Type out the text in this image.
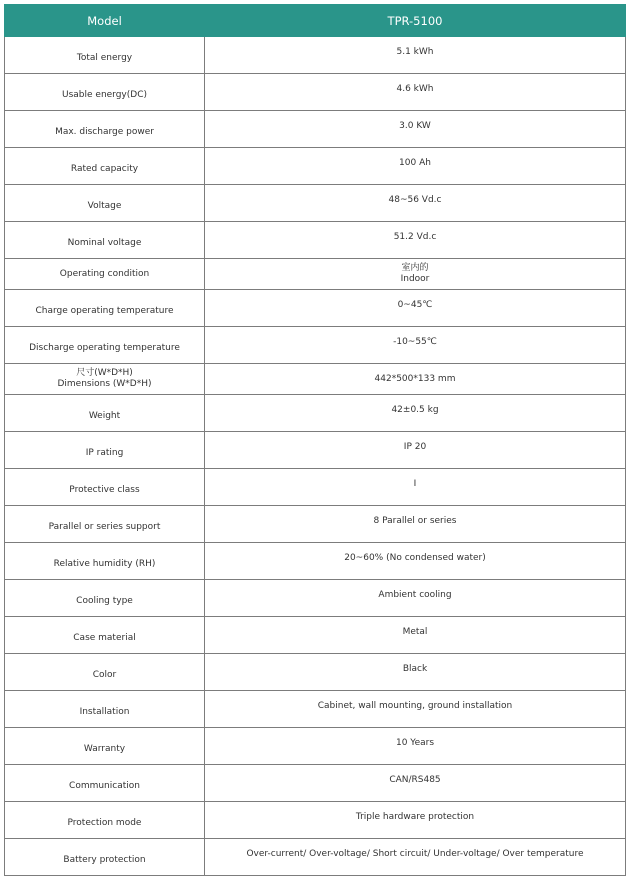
Model	TPR-5100
Total energy	5.1 kWh
Usable energy(DC)	4.6 kWh
Max. discharge power	3.0 KW
Rated capacity	100 Ah
Voltage	48~56 Vd.c
Nominal voltage	51.2 Vd.c
Operating condition	室内的
Indoor

Charge operating temperature	0~45℃
Discharge operating temperature	-10~55℃

尺寸(W*D*H)
Dimensions (W*D*H)	442*500*133 mm
Weight	42±0.5 kg
IP rating	IP 20
Protective class	I
Parallel or series support	8 Parallel or series
Relative humidity (RH)	20~60% (No condensed water)
Cooling type	Ambient cooling
Case material	Metal
Color	Black
Installation	Cabinet, wall mounting, ground installation
Warranty	10 Years
Communication	CAN/RS485
Protection mode	Triple hardware protection
Battery protection	Over-current/ Over-voltage/ Short circuit/ Under-voltage/ Over temperature
